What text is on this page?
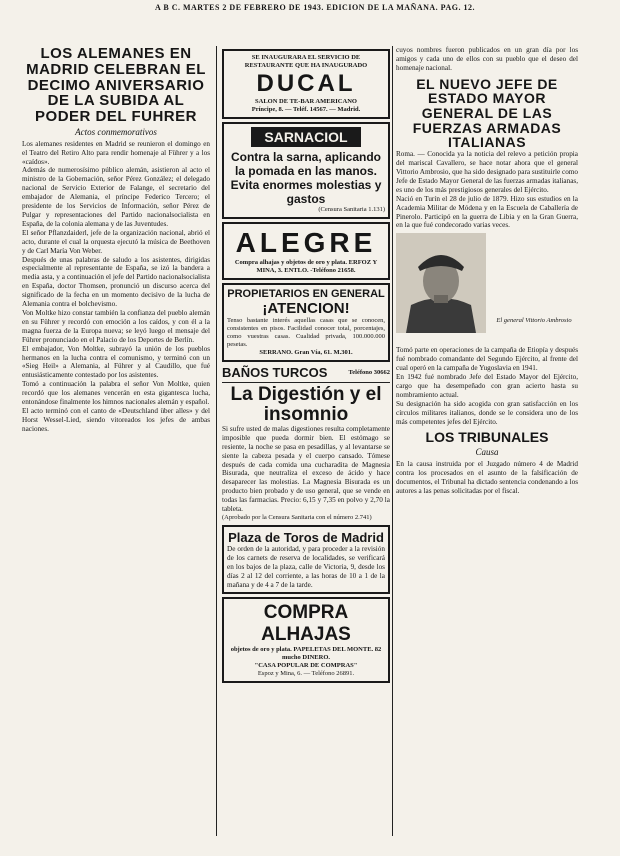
A B C. MARTES 2 DE FEBRERO DE 1943. EDICION DE LA MAÑANA. PAG. 12.
LOS ALEMANES EN MADRID CELEBRAN EL DECIMO ANIVERSARIO DE LA SUBIDA AL PODER DEL FUHRER
Actos conmemorativos

Los alemanes residentes en Madrid se reunieron el domingo en el Teatro del Retiro Alto para rendir homenaje al Führer y a los «caídos».

Además de numerosísimo público alemán, asistieron al acto el ministro de la Gobernación, señor Pérez González; el delegado nacional de Servicio Exterior de Falange, el secretario del embajador de Alemania, el príncipe Federico Tercero; el presidente de los Servicios de Información, señor Pérez de Pulgar y representaciones del Partido nacionalsocialista en España, de la colonia alemana y de las Juventudes.

El señor Pflanzdaiderl, jefe de la organización nacional, abrió el acto, durante el cual la orquesta ejecutó la música de Beethoven y de Carl María Von Weber.

Después de unas palabras de saludo a los asistentes, dirigidas especialmente al representante de España, se izó la bandera a media asta, y a continuación el jefe del Partido nacionalsocialista en España, doctor Thomsen, pronunció un discurso acerca del significado de la fecha en un momento decisivo de la lucha de Alemania contra el bolchevismo.

Von Moltke hizo constar también la confianza del pueblo alemán en su Führer y recordó con emoción a los caídos, y con él a la magna fuerza de la Europa nueva; se leyó luego el mensaje del Führer pronunciado en el Palacio de los Deportes de Berlín.

El embajador, Von Moltke, subrayó la unión de los pueblos hermanos en la lucha contra el comunismo, y terminó con un «Sieg Heil» a Alemania, al Führer y al Caudillo, que fué entusiásticamente contestado por los asistentes.

Tomó a continuación la palabra el señor Von Moltke, quien recordó que los alemanes vencerán en esta gigantesca lucha, entonándose finalmente los himnos nacionales alemán y español.

El acto terminó con el canto de «Deutschland über alles» y del Horst Wessel-Lied, siendo vitoreados los jefes de ambas naciones.

SE INAUGURARA EL SERVICIO DE RESTAURANTE QUE HA INAUGURADO
DUCAL
SALON DE TE-BAR AMERICANO
Príncipe, 8. — Teléf. 14567. — Madrid.
SARNACIOL
Contra la sarna, aplicando la pomada en las manos. Evita enormes molestias y gastos
(Censura Sanitaria 1.131)
ALEGRE
Compra alhajas y objetos de oro y plata. ERFOZ Y MINA, 3. ENTLO. -Teléfono 21658.
PROPIETARIOS EN GENERAL
¡ATENCION!
Tenso bastante interés aquellas casas que se conocen, consistentes en pisos. Facilidad conocer total, porcentajes, como vuestras casas. Cualidad privada, 100.000.000 pesetas.
SERRANO. Gran Vía, 61. M.301.
BAÑOS TURCOS	Teléfono 30662
La Digestión y el insomnio

Si sufre usted de malas digestiones resulta completamente imposible que pueda dormir bien. El estómago se resiente, la noche se pasa en pesadillas, y al levantarse se siente la cabeza pesada y el cuerpo cansado. Tómese después de cada comida una cucharadita de Magnesia Bisurada, que neutraliza el exceso de ácido y hace desaparecer las molestias. La Magnesia Bisurada es un producto bien probado y de uso general, que se vende en todas las farmacias. Precio: 6,15 y 7,35 en polvo y 2,70 la tableta.

(Aprobado por la Censura Sanitaria con el número 2.741)
Plaza de Toros de Madrid

De orden de la autoridad, y para proceder a la revisión de los carnets de reserva de localidades, se verificará en los bajos de la plaza, calle de Victoria, 9, desde los días 2 al 12 del corriente, a las horas de 10 a 1 de la mañana y de 4 a 7 de la tarde.

COMPRA ALHAJAS
objetos de oro y plata. PAPELETAS DEL MONTE. 82 mucho DINERO.
"CASA POPULAR DE COMPRAS"
Espoz y Mina, 6. — Teléfono 26891.

cuyos nombres fueron publicados en un gran día por los amigos y cada uno de ellos con su pueblo que el deseo del homenaje nacional.

EL NUEVO JEFE DE ESTADO MAYOR GENERAL DE LAS FUERZAS ARMADAS ITALIANAS

Roma. — Conocida ya la noticia del relevo a petición propia del mariscal Cavallero, se hace notar ahora que el general Vittorio Ambrosio, que ha sido designado para sustituirle como Jefe de Estado Mayor General de las fuerzas armadas italianas, es uno de los más prestigiosos generales del Ejército.

Nació en Turín el 28 de julio de 1879. Hizo sus estudios en la Academia Militar de Módena y en la Escuela de Caballería de Pinerolo. Participó en la guerra de Libia y en la Gran Guerra, en la que fué condecorado varias veces.

El general Vittorio Ambrosio

Tomó parte en operaciones de la campaña de Etiopía y después fué nombrado comandante del Segundo Ejército, al frente del cual operó en la campaña de Yugoslavia en 1941.

En 1942 fué nombrado Jefe del Estado Mayor del Ejército, cargo que ha desempeñado con gran acierto hasta su nombramiento actual.

Su designación ha sido acogida con gran satisfacción en los círculos militares italianos, donde se le considera uno de los más competentes jefes del Ejército.

LOS TRIBUNALES
Causa

En la causa instruida por el Juzgado número 4 de Madrid contra los procesados en el asunto de la falsificación de documentos, el Tribunal ha dictado sentencia condenando a los autores a las penas solicitadas por el fiscal.
